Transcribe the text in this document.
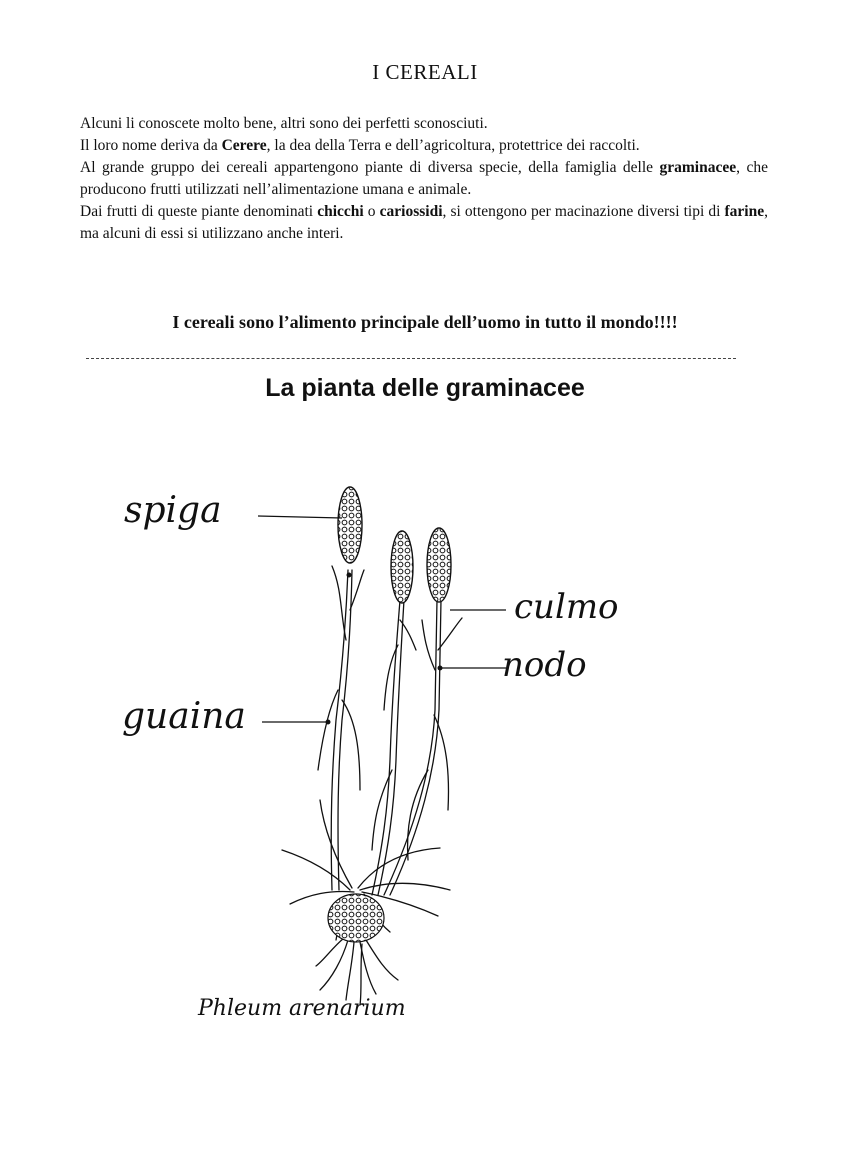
I CEREALI

Alcuni li conoscete molto bene, altri sono dei perfetti sconosciuti.

Il loro nome deriva da Cerere, la dea della Terra e dell’agricoltura, protettrice dei raccolti.

Al grande gruppo dei cereali appartengono piante di diversa specie, della famiglia delle graminacee, che producono frutti utilizzati nell’alimentazione umana e animale.

Dai frutti di queste piante denominati chicchi o cariossidi, si ottengono per macinazione diversi tipi di farine, ma alcuni di essi si utilizzano anche interi.

I cereali sono l’alimento principale dell’uomo in tutto il mondo!!!!

La pianta delle graminacee
spiga
culmo
nodo
guaina
Phleum arenarium
